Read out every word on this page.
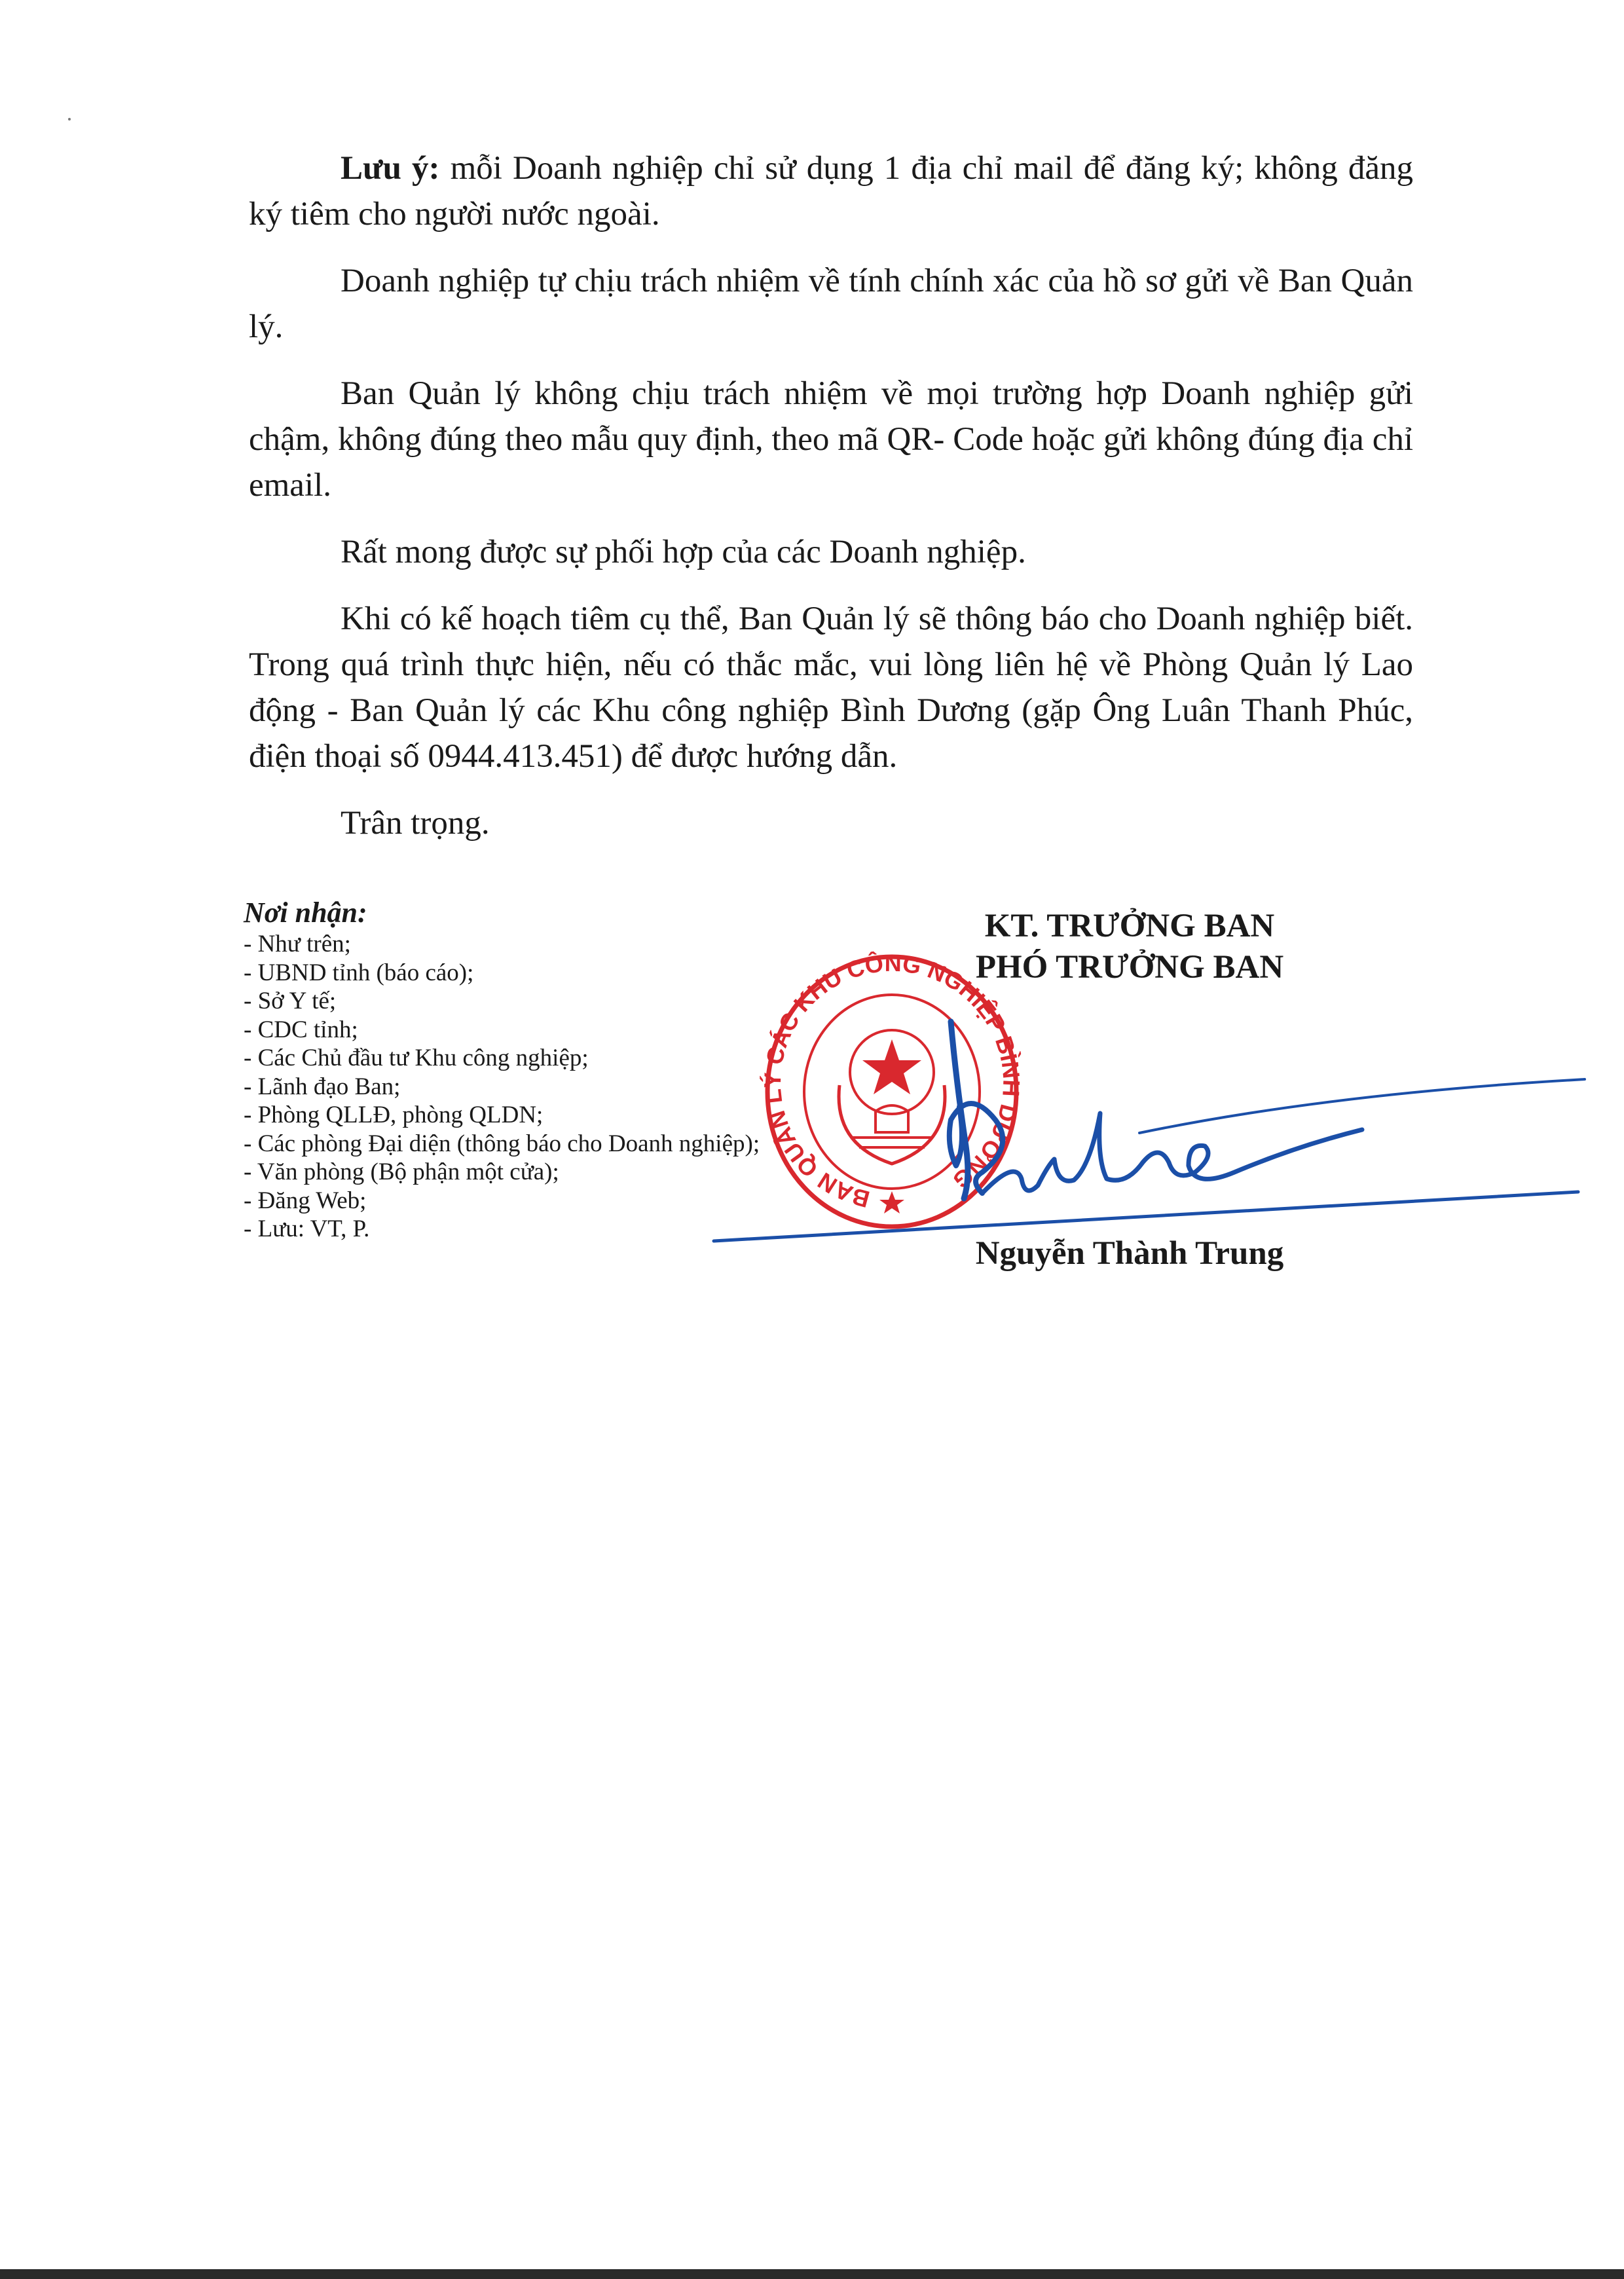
Lưu ý: mỗi Doanh nghiệp chỉ sử dụng 1 địa chỉ mail để đăng ký; không đăng ký tiêm cho người nước ngoài.

Doanh nghiệp tự chịu trách nhiệm về tính chính xác của hồ sơ gửi về Ban Quản lý.

Ban Quản lý không chịu trách nhiệm về mọi trường hợp Doanh nghiệp gửi chậm, không đúng theo mẫu quy định, theo mã QR- Code hoặc gửi không đúng địa chỉ email.

Rất mong được sự phối hợp của các Doanh nghiệp.

Khi có kế hoạch tiêm cụ thể, Ban Quản lý sẽ thông báo cho Doanh nghiệp biết. Trong quá trình thực hiện, nếu có thắc mắc, vui lòng liên hệ về Phòng Quản lý Lao động - Ban Quản lý các Khu công nghiệp Bình Dương (gặp Ông Luân Thanh Phúc, điện thoại số 0944.413.451) để được hướng dẫn.

Trân trọng.

Nơi nhận:
- Như trên;
- UBND tỉnh (báo cáo);
- Sở Y tế;
- CDC tỉnh;
- Các Chủ đầu tư Khu công nghiệp;
- Lãnh đạo Ban;
- Phòng QLLĐ, phòng QLDN;
- Các phòng Đại diện (thông báo cho Doanh nghiệp);
- Văn phòng (Bộ phận một cửa);
- Đăng Web;
- Lưu: VT, P.
KT. TRƯỞNG BAN
PHÓ TRƯỞNG BAN
BAN QUẢN LÝ CÁC KHU CÔNG NGHIỆP BÌNH DƯƠNG
Nguyễn Thành Trung
